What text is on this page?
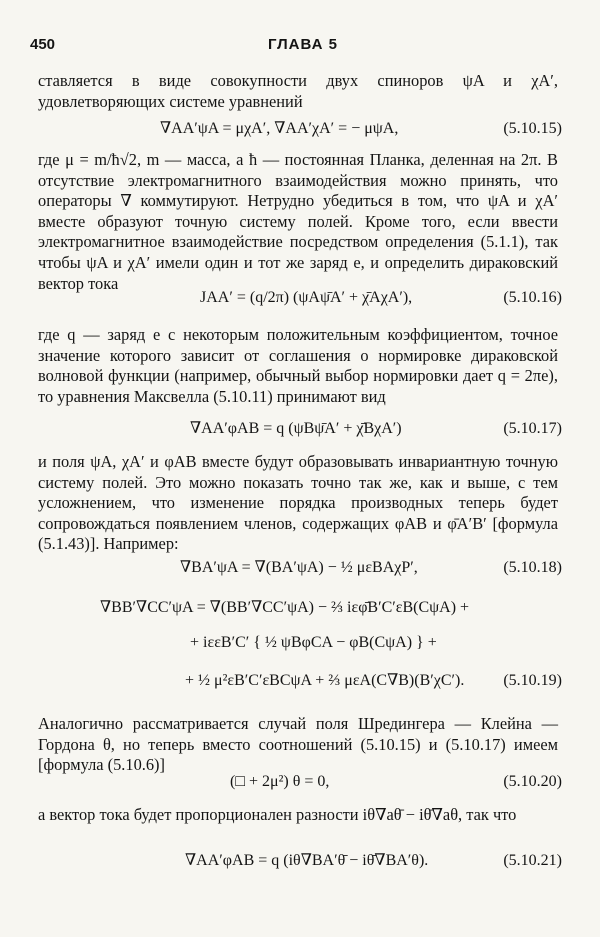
450	ГЛАВА 5

ставляется в виде совокупности двух спиноров ψA и χA′, удовлетворяющих системе уравнений

∇AA′ψA = μχA′, ∇AA′χA′ = − μψA,	(5.10.15)

где μ = m/ħ√2, m — масса, а ħ — постоянная Планка, деленная на 2π. В отсутствие электромагнитного взаимодействия можно принять, что операторы ∇ коммутируют. Нетрудно убедиться в том, что ψA и χA′ вместе образуют точную систему полей. Кроме того, если ввести электромагнитное взаимодействие посредством определения (5.1.1), так чтобы ψA и χA′ имели один и тот же заряд e, и определить дираковский вектор тока

JAA′ = (q/2π) (ψAψ̄A′ + χ̄AχA′),	(5.10.16)

где q — заряд e с некоторым положительным коэффициентом, точное значение которого зависит от соглашения о нормировке дираковской волновой функции (например, обычный выбор нормировки дает q = 2πe), то уравнения Максвелла (5.10.11) принимают вид

∇AA′φAB = q (ψBψ̄A′ + χ̄BχA′)	(5.10.17)

и поля ψA, χA′ и φAB вместе будут образовывать инвариантную точную систему полей. Это можно показать точно так же, как и выше, с тем усложнением, что изменение порядка производных теперь будет сопровождаться появлением членов, содержащих φAB и φ̄A′B′ [формула (5.1.43)]. Например:

∇BA′ψA = ∇(BA′ψA) − ½ μεBAχP′,	(5.10.18)
∇BB′∇CC′ψA = ∇(BB′∇CC′ψA) − ⅔ iεφ̄B′C′εB(CψA) +
+ iεεB′C′ { ½ ψBφCA − φB(CψA) } +
+ ½ μ²εB′C′εBCψA + ⅔ μεA(C∇B)(B′χC′). (5.10.19)

Аналогично рассматривается случай поля Шредингера — Клейна — Гордона θ, но теперь вместо соотношений (5.10.15) и (5.10.17) имеем [формула (5.10.6)]

(□ + 2μ²) θ = 0,	(5.10.20)

а вектор тока будет пропорционален разности iθ∇aθ̄ − iθ̄∇aθ, так что

∇AA′φAB = q (iθ∇BA′θ̄ − iθ̄∇BA′θ).	(5.10.21)
